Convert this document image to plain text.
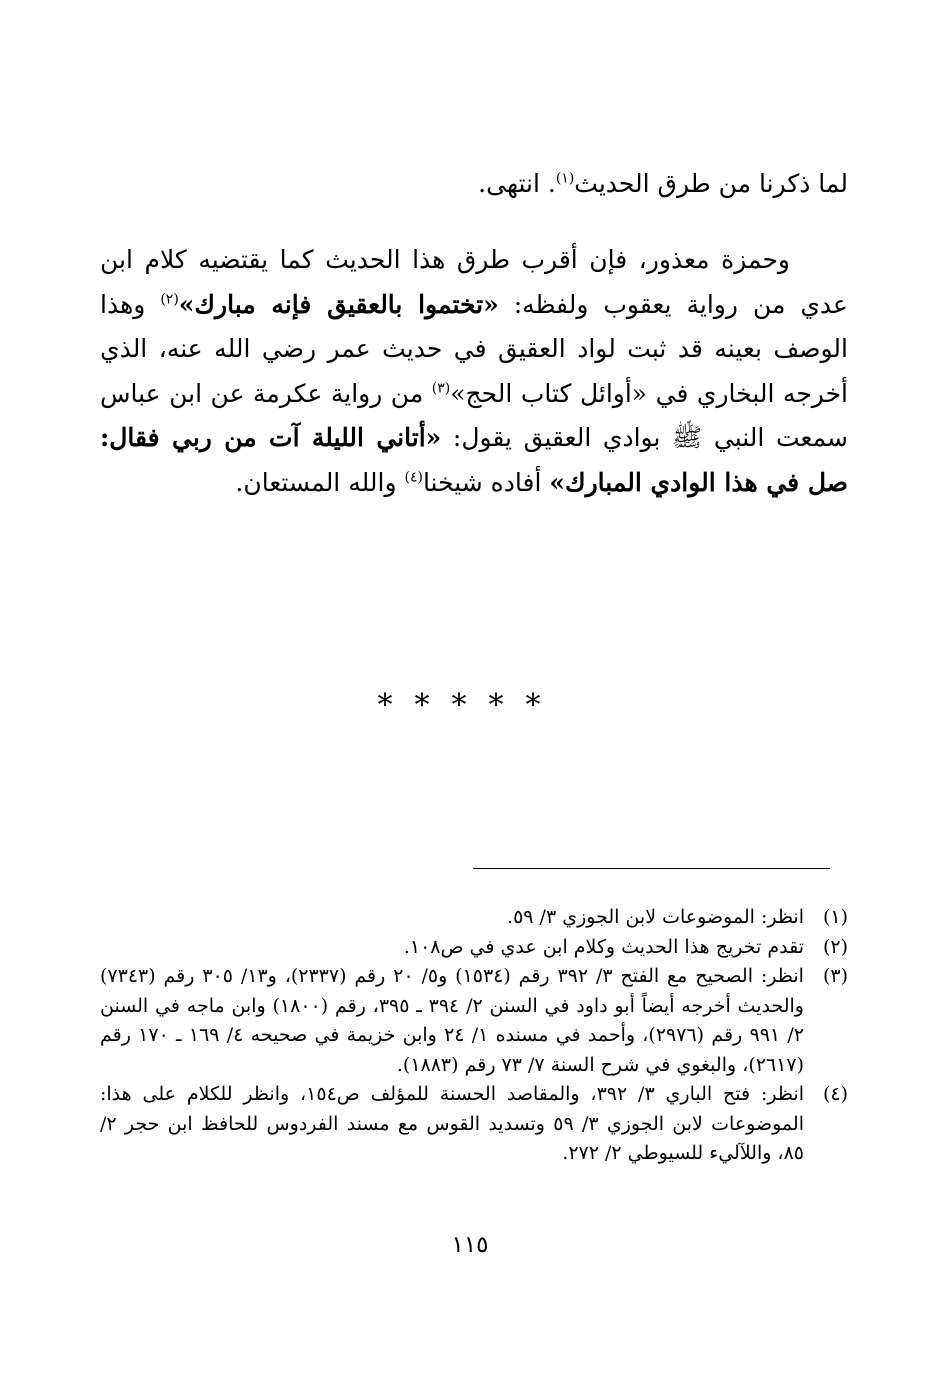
لما ذكرنا من طرق الحديث$^{(١)}$. انتهى.

وحمزة معذور، فإن أقرب طرق هذا الحديث كما يقتضيه كلام ابن عدي من رواية يعقوب ولفظه: «تختموا بالعقيق فإنه مبارك»$^{(٢)}$ وهذا الوصف بعينه قد ثبت لواد العقيق في حديث عمر رضي الله عنه، الذي أخرجه البخاري في «أوائل كتاب الحج»$^{(٣)}$ من رواية عكرمة عن ابن عباس سمعت النبي ﷺ بوادي العقيق يقول: «أتاني الليلة آت من ربي فقال: صل في هذا الوادي المبارك» أفاده شيخنا$^{(٤)}$ والله المستعان.

*****
(١)
انظر: الموضوعات لابن الجوزي ٣/ ٥٩.
(٢)
تقدم تخريج هذا الحديث وكلام ابن عدي في ص١٠٨.
(٣)
انظر: الصحيح مع الفتح ٣/ ٣٩٢ رقم (١٥٣٤) و٥/ ٢٠ رقم (٢٣٣٧)، و١٣/ ٣٠٥ رقم (٧٣٤٣) والحديث أخرجه أيضاً أبو داود في السنن ٢/ ٣٩٤ ـ ٣٩٥، رقم (١٨٠٠) وابن ماجه في السنن ٢/ ٩٩١ رقم (٢٩٧٦)، وأحمد في مسنده ١/ ٢٤ وابن خزيمة في صحيحه ٤/ ١٦٩ ـ ١٧٠ رقم (٢٦١٧)، والبغوي في شرح السنة ٧/ ٧٣ رقم (١٨٨٣).
(٤)
انظر: فتح الباري ٣/ ٣٩٢، والمقاصد الحسنة للمؤلف ص١٥٤، وانظر للكلام على هذا: الموضوعات لابن الجوزي ٣/ ٥٩ وتسديد القوس مع مسند الفردوس للحافظ ابن حجر ٢/ ٨٥، واللآليء للسيوطي ٢/ ٢٧٢.
١١٥
